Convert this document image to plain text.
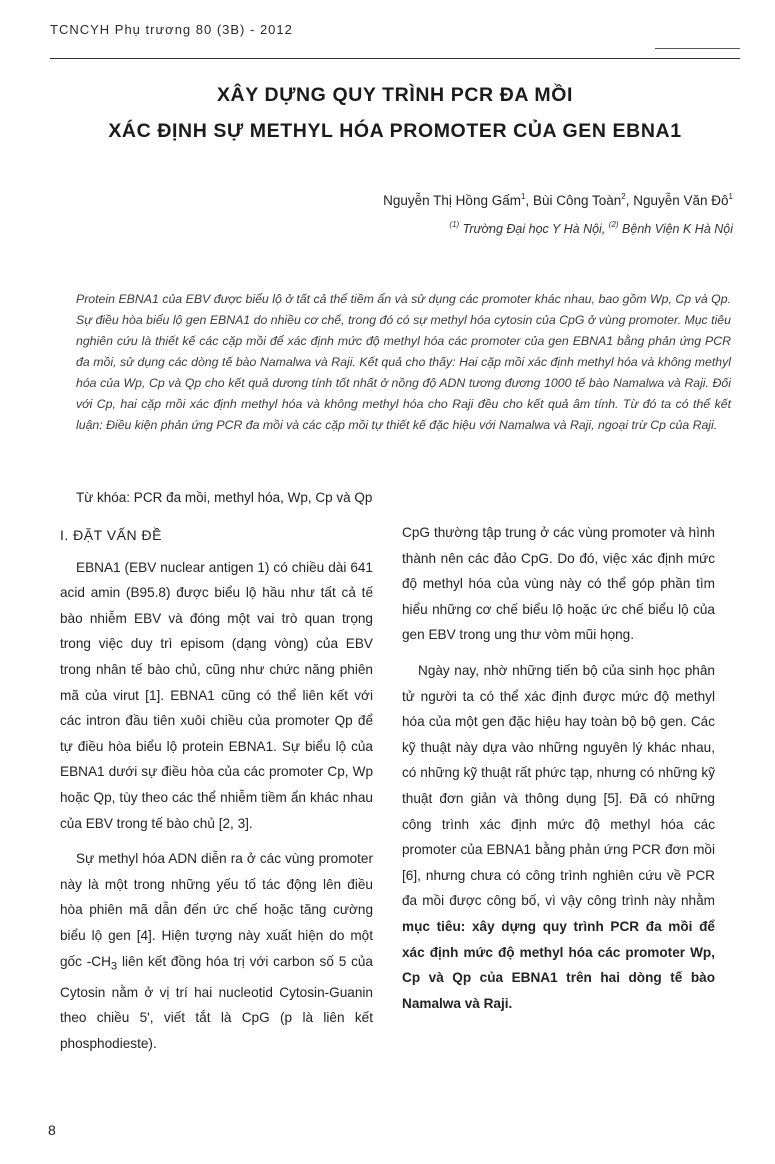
TCNCYH Phụ trương 80 (3B) - 2012
XÂY DỰNG QUY TRÌNH PCR ĐA MỒI
XÁC ĐỊNH SỰ METHYL HÓA PROMOTER CỦA GEN EBNA1
Nguyễn Thị Hồng Gấm$^1$, Bùi Công Toàn$^2$, Nguyễn Văn $Đô^1$
$^{(1)}$ Trường Đại học Y Hà Nội, $^{(2)}$ Bệnh Viện K Hà Nội
Protein EBNA1 của EBV được biểu lộ ở tất cả thể tiềm ẩn và sử dụng các promoter khác nhau, bao gồm Wp, Cp và Qp. Sự điều hòa biểu lộ gen EBNA1 do nhiều cơ chế, trong đó có sự methyl hóa cytosin của CpG ở vùng promoter. Mục tiêu nghiên cứu là thiết kế các cặp mồi để xác định mức độ methyl hóa các promoter của gen EBNA1 bằng phản ứng PCR đa mồi, sử dụng các dòng tế bào Namalwa và Raji. Kết quả cho thấy: Hai cặp mồi xác định methyl hóa và không methyl hóa của Wp, Cp và Qp cho kết quả dương tính tốt nhất ở nồng độ ADN tương đương 1000 tế bào Namalwa và Raji. Đối với Cp, hai cặp mồi xác định methyl hóa và không methyl hóa cho Raji đều cho kết quả âm tính. Từ đó ta có thể kết luận: Điều kiện phản ứng PCR đa mồi và các cặp mồi tự thiết kế đặc hiệu với Namalwa và Raji, ngoại trừ Cp của Raji.
Từ khóa: PCR đa mồi, methyl hóa, Wp, Cp và Qp
I. ĐẶT VẤN ĐỀ

EBNA1 (EBV nuclear antigen 1) có chiều dài 641 acid amin (B95.8) được biểu lộ hầu như tất cả tế bào nhiễm EBV và đóng một vai trò quan trọng trong việc duy trì episom (dạng vòng) của EBV trong nhân tế bào chủ, cũng như chức năng phiên mã của virut [1]. EBNA1 cũng có thể liên kết với các intron đầu tiên xuôi chiều của promoter Qp để tự điều hòa biểu lộ protein EBNA1. Sự biểu lộ của EBNA1 dưới sự điều hòa của các promoter Cp, Wp hoặc Qp, tùy theo các thể nhiễm tiềm ẩn khác nhau của EBV trong tế bào chủ [2, 3].

Sự methyl hóa ADN diễn ra ở các vùng promoter này là một trong những yếu tố tác động lên điều hòa phiên mã dẫn đến ức chế hoặc tăng cường biểu lộ gen [4]. Hiện tượng này xuất hiện do một gốc $-CH_3$ liên kết đồng hóa trị với carbon số 5 của Cytosin nằm ở vị trí hai nucleotid Cytosin-Guanin theo chiều 5', viết tắt là CpG (p là liên kết phosphodieste).

CpG thường tập trung ở các vùng promoter và hình thành nên các đảo CpG. Do đó, việc xác định mức độ methyl hóa của vùng này có thể góp phần tìm hiểu những cơ chế biểu lộ hoặc ức chế biểu lộ của gen EBV trong ung thư vòm mũi họng.

Ngày nay, nhờ những tiến bộ của sinh học phân tử người ta có thể xác định được mức độ methyl hóa của một gen đặc hiệu hay toàn bộ bộ gen. Các kỹ thuật này dựa vào những nguyên lý khác nhau, có những kỹ thuật rất phức tạp, nhưng có những kỹ thuật đơn giản và thông dụng [5]. Đã có những công trình xác định mức độ methyl hóa các promoter của EBNA1 bằng phản ứng PCR đơn mồi [6], nhưng chưa có công trình nghiên cứu về PCR đa mồi được công bố, vì vậy công trình này nhằm mục tiêu: xây dựng quy trình PCR đa mồi để xác định mức độ methyl hóa các promoter Wp, Cp và Qp của EBNA1 trên hai dòng tế bào Namalwa và Raji.

8
